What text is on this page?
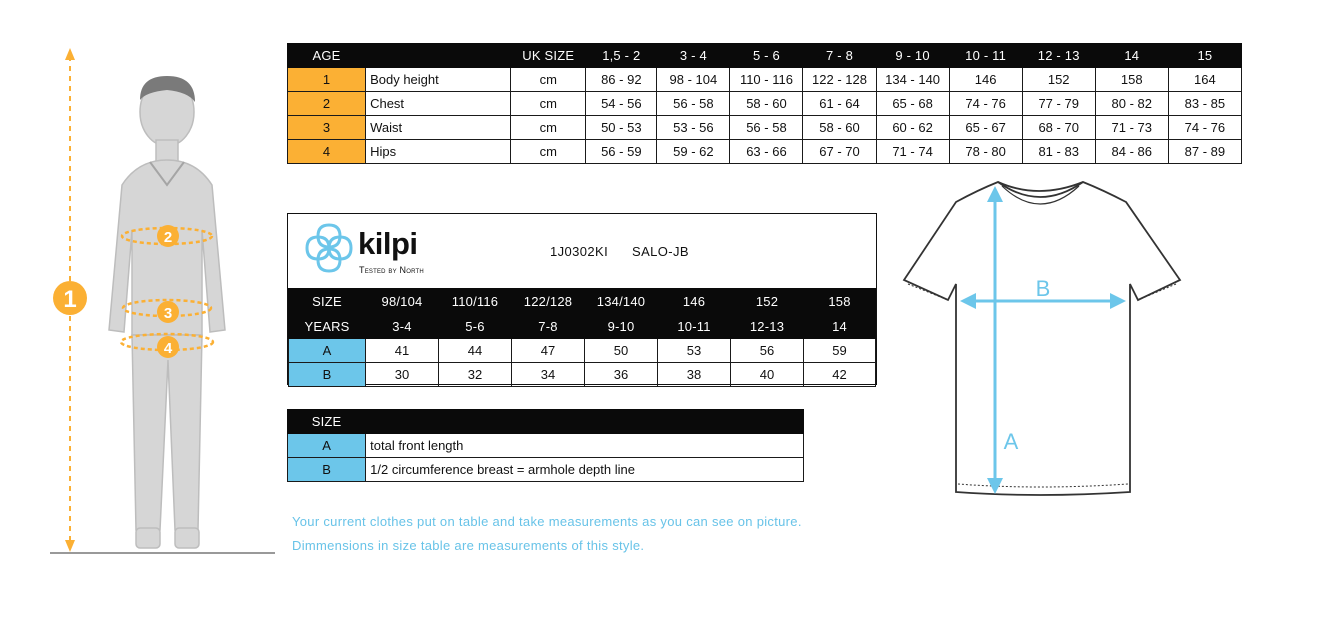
1
2
3
4
AGE		UK SIZE	1,5 - 2	3 - 4	5 - 6	7 - 8	9 - 10	10 - 11	12 - 13	14	15
1	Body height	cm	86 - 92	98 - 104	110 - 116	122 - 128	134 - 140	146	152	158	164
2	Chest	cm	54 - 56	56 - 58	58 - 60	61 - 64	65 - 68	74 - 76	77 - 79	80 - 82	83 - 85
3	Waist	cm	50 - 53	53 - 56	56 - 58	58 - 60	60 - 62	65 - 67	68 - 70	71 - 73	74 - 76
4	Hips	cm	56 - 59	59 - 62	63 - 66	67 - 70	71 - 74	78 - 80	81 - 83	84 - 86	87 - 89
SIZE	98/104	110/116	122/128	134/140	146	152	158
YEARS	3-4	5-6	7-8	9-10	10-11	12-13	14
A	41	44	47	50	53	56	59
B	30	32	34	36	38	40	42
kilpi
Tested by North
1J0302KI SALO-JB
SIZE	
A	total front length
B	1/2 circumference breast = armhole depth line
Your current clothes put on table and take measurements as you can see on picture.
Dimmensions in size table are measurements of this style.
B
A
